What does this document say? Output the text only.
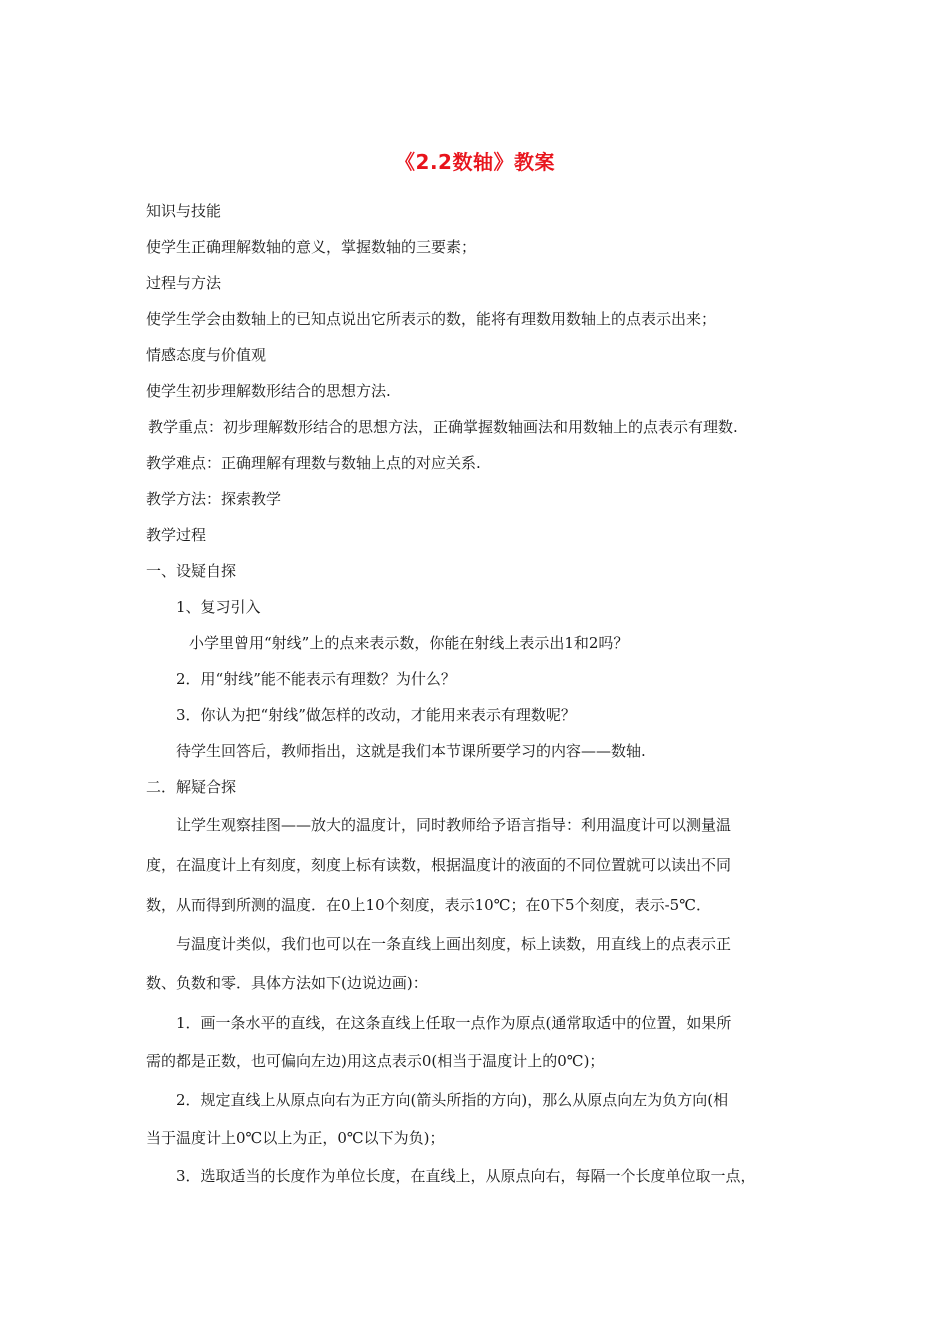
《2.2数轴》教案
知识与技能
使学生正确理解数轴的意义，掌握数轴的三要素；
过程与方法
使学生学会由数轴上的已知点说出它所表示的数，能将有理数用数轴上的点表示出来；
情感态度与价值观
使学生初步理解数形结合的思想方法.
教学重点：初步理解数形结合的思想方法，正确掌握数轴画法和用数轴上的点表示有理数.
教学难点：正确理解有理数与数轴上点的对应关系.
教学方法：探索教学
教学过程
一、设疑自探
1、复习引入
小学里曾用“射线”上的点来表示数，你能在射线上表示出1和2吗？
2．用“射线”能不能表示有理数？为什么？
3．你认为把“射线”做怎样的改动，才能用来表示有理数呢？
待学生回答后，教师指出，这就是我们本节课所要学习的内容——数轴.
二．解疑合探
让学生观察挂图——放大的温度计，同时教师给予语言指导：利用温度计可以测量温
度，在温度计上有刻度，刻度上标有读数，根据温度计的液面的不同位置就可以读出不同
数，从而得到所测的温度．在0上10个刻度，表示10℃；在0下5个刻度，表示-5℃．
与温度计类似，我们也可以在一条直线上画出刻度，标上读数，用直线上的点表示正
数、负数和零．具体方法如下(边说边画)：
1．画一条水平的直线，在这条直线上任取一点作为原点(通常取适中的位置，如果所
需的都是正数，也可偏向左边)用这点表示0(相当于温度计上的0℃)；
2．规定直线上从原点向右为正方向(箭头所指的方向)，那么从原点向左为负方向(相
当于温度计上0℃以上为正，0℃以下为负)；
3．选取适当的长度作为单位长度，在直线上，从原点向右，每隔一个长度单位取一点，
